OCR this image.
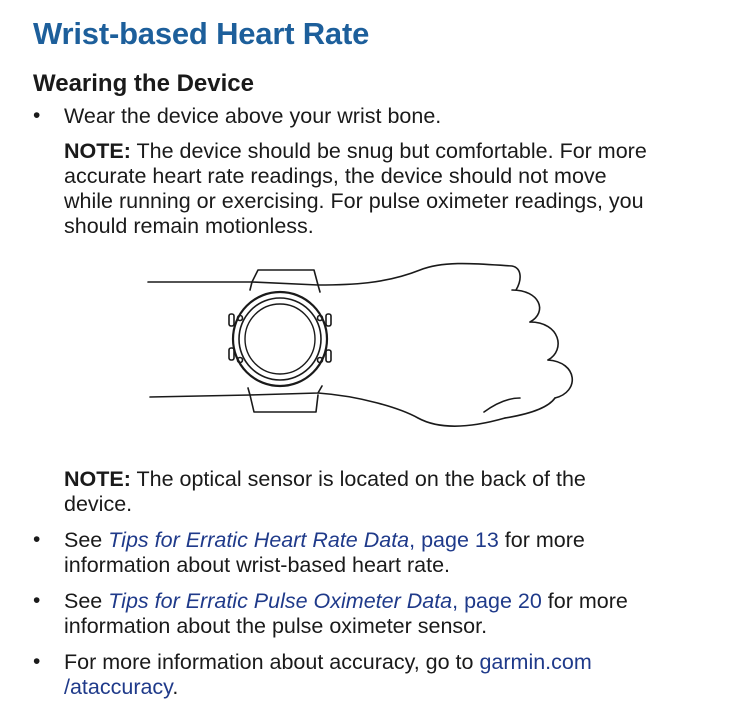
Wrist-based Heart Rate
Wearing the Device
• Wear the device above your wrist bone.
NOTE: The device should be snug but comfortable. For more
accurate heart rate readings, the device should not move
while running or exercising. For pulse oximeter readings, you
should remain motionless.
NOTE: The optical sensor is located on the back of the
device.
• See Tips for Erratic Heart Rate Data, page 13 for more
information about wrist-based heart rate.
• See Tips for Erratic Pulse Oximeter Data, page 20 for more
information about the pulse oximeter sensor.
• For more information about accuracy, go to garmin.com
/ataccuracy.
